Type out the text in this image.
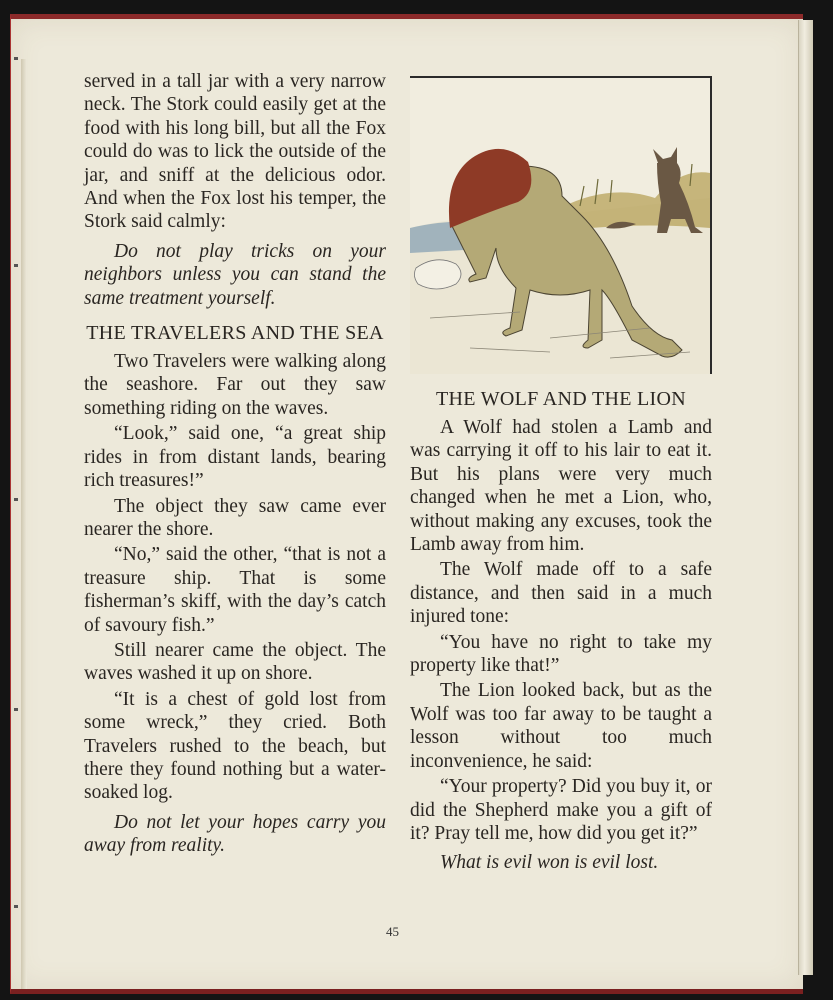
served in a tall jar with a very narrow neck. The Stork could easily get at the food with his long bill, but all the Fox could do was to lick the outside of the jar, and sniff at the delicious odor. And when the Fox lost his temper, the Stork said calmly:

Do not play tricks on your neighbors unless you can stand the same treatment yourself.

THE TRAVELERS AND THE SEA

Two Travelers were walking along the seashore. Far out they saw something riding on the waves.

“Look,” said one, “a great ship rides in from distant lands, bearing rich treasures!”

The object they saw came ever nearer the shore.

“No,” said the other, “that is not a treasure ship. That is some fisherman’s skiff, with the day’s catch of savoury fish.”

Still nearer came the object. The waves washed it up on shore.

“It is a chest of gold lost from some wreck,” they cried. Both Travelers rushed to the beach, but there they found nothing but a water-soaked log.

Do not let your hopes carry you away from reality.

THE WOLF AND THE LION

A Wolf had stolen a Lamb and was carrying it off to his lair to eat it. But his plans were very much changed when he met a Lion, who, without making any excuses, took the Lamb away from him.

The Wolf made off to a safe distance, and then said in a much injured tone:

“You have no right to take my property like that!”

The Lion looked back, but as the Wolf was too far away to be taught a lesson without too much inconvenience, he said:

“Your property? Did you buy it, or did the Shepherd make you a gift of it? Pray tell me, how did you get it?”

What is evil won is evil lost.

45
